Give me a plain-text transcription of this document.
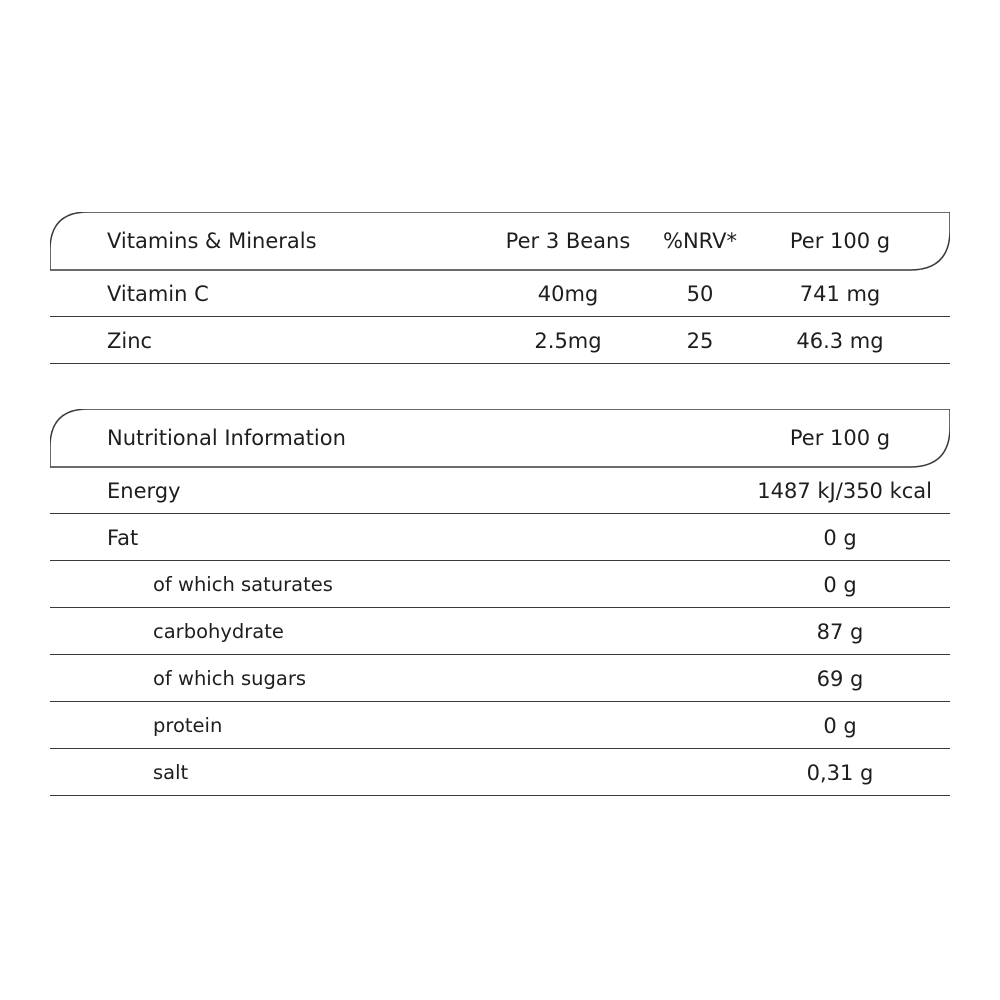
Vitamins & Minerals	Per 3 Beans	%NRV*	Per 100 g
Vitamin C	40mg	50	741 mg
Zinc	2.5mg	25	46.3 mg
Nutritional Information	Per 100 g
Energy	1487 kJ/350 kcal
Fat	0 g
of which saturates	0 g
carbohydrate	87 g
of which sugars	69 g
protein	0 g
salt	0,31 g
